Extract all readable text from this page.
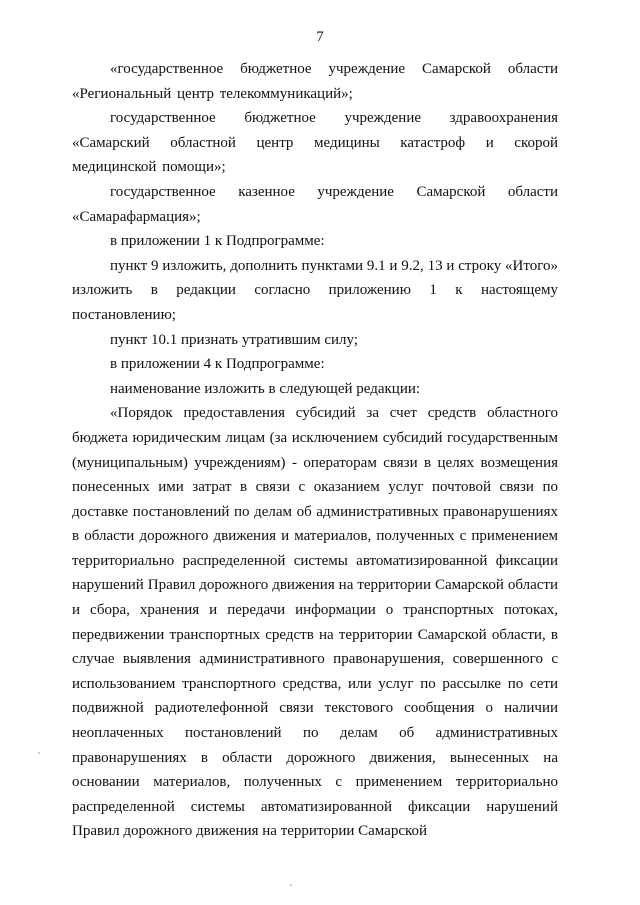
7

«государственное бюджетное учреждение Самарской области «Региональный центр телекоммуникаций»;

государственное бюджетное учреждение здравоохранения «Самарский областной центр медицины катастроф и скорой медицинской помощи»;

государственное казенное учреждение Самарской области «Самарафармация»;

в приложении 1 к Подпрограмме:

пункт 9 изложить, дополнить пунктами 9.1 и 9.2, 13 и строку «Итого» изложить в редакции согласно приложению 1 к настоящему постановлению;

пункт 10.1 признать утратившим силу;

в приложении 4 к Подпрограмме:

наименование изложить в следующей редакции:

«Порядок предоставления субсидий за счет средств областного бюджета юридическим лицам (за исключением субсидий государственным (муниципальным) учреждениям) - операторам связи в целях возмещения понесенных ими затрат в связи с оказанием услуг почтовой связи по доставке постановлений по делам об административных правонарушениях в области дорожного движения и материалов, полученных с применением территориально распределенной системы автоматизированной фиксации нарушений Правил дорожного движения на территории Самарской области и сбора, хранения и передачи информации о транспортных потоках, передвижении транспортных средств на территории Самарской области, в случае выявления административного правонарушения, совершенного с использованием транспортного средства, или услуг по рассылке по сети подвижной радиотелефонной связи текстового сообщения о наличии неоплаченных постановлений по делам об административных правонарушениях в области дорожного движения, вынесенных на основании материалов, полученных с применением территориально распределенной системы автоматизированной фиксации нарушений Правил дорожного движения на территории Самарской
